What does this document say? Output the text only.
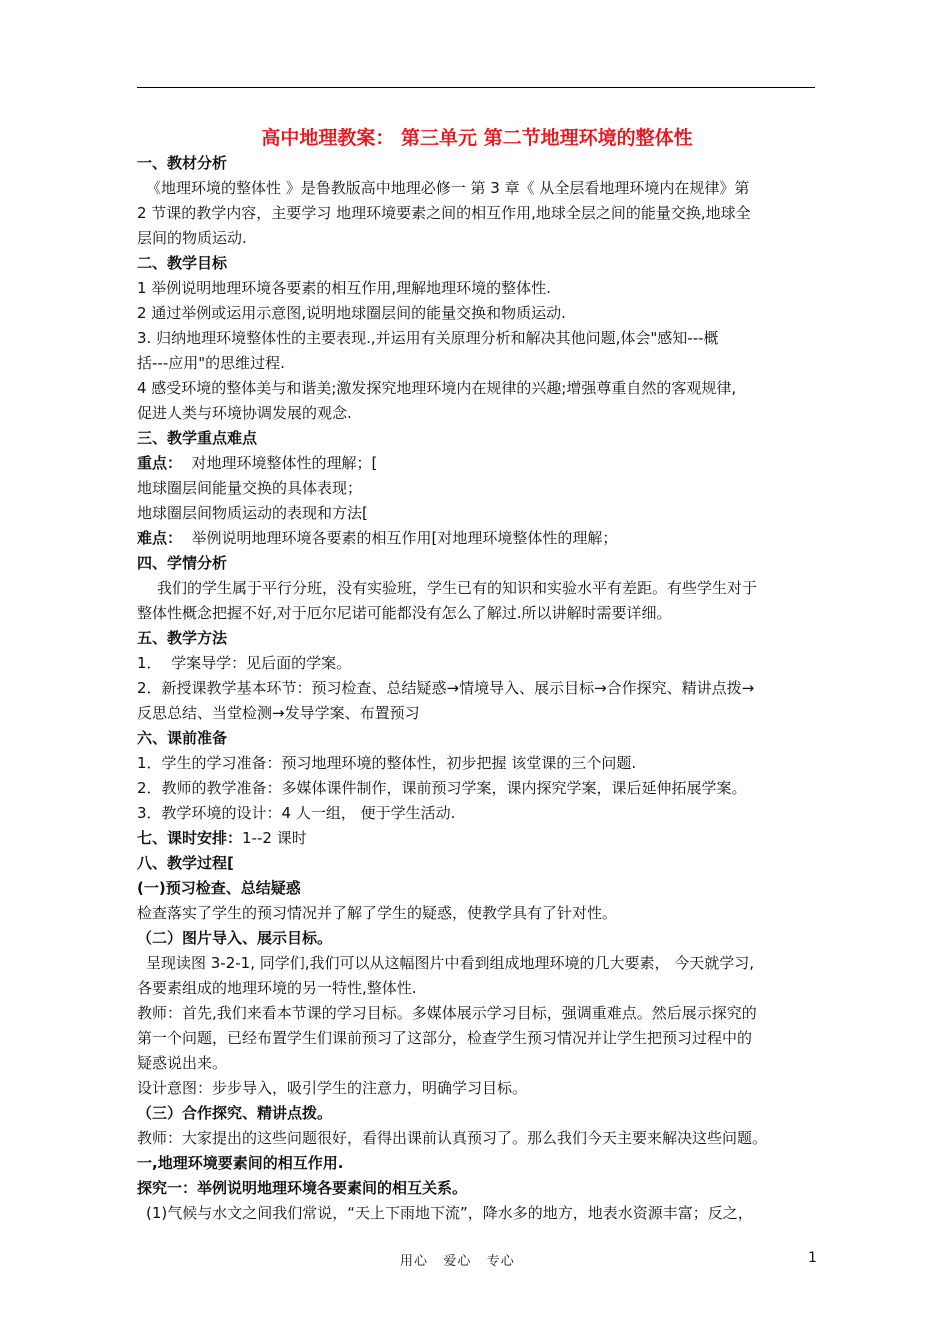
高中地理教案： 第三单元 第二节地理环境的整体性
一、教材分析
《地理环境的整体性 》是鲁教版高中地理必修一 第 3 章《 从全层看地理环境内在规律》第
2 节课的教学内容，主要学习 地理环境要素之间的相互作用,地球全层之间的能量交换,地球全
层间的物质运动.
二、教学目标
1 举例说明地理环境各要素的相互作用,理解地理环境的整体性.
2 通过举例或运用示意图,说明地球圈层间的能量交换和物质运动.
3. 归纳地理环境整体性的主要表现.,并运用有关原理分析和解决其他问题,体会"感知---概
括---应用"的思维过程.
4 感受环境的整体美与和谐美;激发探究地理环境内在规律的兴趣;增强尊重自然的客观规律,
促进人类与环境协调发展的观念.
三、教学重点难点
重点：  对地理环境整体性的理解；[
地球圈层间能量交换的具体表现；
地球圈层间物质运动的表现和方法[
难点：  举例说明地理环境各要素的相互作用[对地理环境整体性的理解；
四、学情分析
我们的学生属于平行分班，没有实验班，学生已有的知识和实验水平有差距。有些学生对于
整体性概念把握不好,对于厄尔尼诺可能都没有怎么了解过.所以讲解时需要详细。
五、教学方法
1．  学案导学：见后面的学案。
2．新授课教学基本环节：预习检查、总结疑惑→情境导入、展示目标→合作探究、精讲点拨→
反思总结、当堂检测→发导学案、布置预习
六、课前准备
1．学生的学习准备：预习地理环境的整体性，初步把握 该堂课的三个问题.
2．教师的教学准备：多媒体课件制作，课前预习学案，课内探究学案，课后延伸拓展学案。
3．教学环境的设计：4 人一组， 便于学生活动.
七、课时安排：1--2 课时
八、教学过程[
(一)预习检查、总结疑惑
检查落实了学生的预习情况并了解了学生的疑惑，使教学具有了针对性。
（二）图片导入、展示目标。
呈现读图 3-2-1, 同学们,我们可以从这幅图片中看到组成地理环境的几大要素， 今天就学习,
各要素组成的地理环境的另一特性,整体性.
教师：首先,我们来看本节课的学习目标。多媒体展示学习目标，强调重难点。然后展示探究的
第一个问题，已经布置学生们课前预习了这部分，检查学生预习情况并让学生把预习过程中的
疑惑说出来。
设计意图：步步导入，吸引学生的注意力，明确学习目标。
（三）合作探究、精讲点拨。
教师：大家提出的这些问题很好，看得出课前认真预习了。那么我们今天主要来解决这些问题。
一,地理环境要素间的相互作用.
探究一：举例说明地理环境各要素间的相互关系。
(1)气候与水文之间我们常说，“天上下雨地下流”，降水多的地方，地表水资源丰富；反之，
用心   爱心   专心	1
